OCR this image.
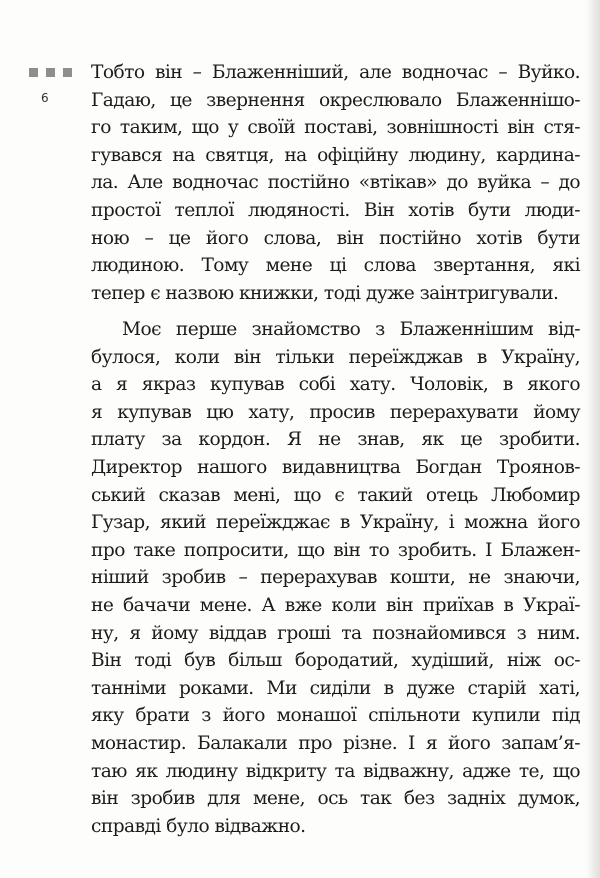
6
Тобто він – Блаженніший, але водночас – Вуйко.
Гадаю, це звернення окреслювало Блаженнішо-
го таким, що у своїй поставі, зовнішності він стя-
гувався на святця, на офіційну людину, кардина-
ла. Але водночас постійно «втікав» до вуйка – до
простої теплої людяності. Він хотів бути люди-
ною – це його слова, він постійно хотів бути
людиною. Тому мене ці слова звертання, які
тепер є назвою книжки, тоді дуже заінтригували.
Моє перше знайомство з Блаженнішим від-
булося, коли він тільки переїжджав в Україну,
а я якраз купував собі хату. Чоловік, в якого
я купував цю хату, просив перерахувати йому
плату за кордон. Я не знав, як це зробити.
Директор нашого видавництва Богдан Троянов-
ський сказав мені, що є такий отець Любомир
Гузар, який переїжджає в Україну, і можна його
про таке попросити, що він то зробить. І Блажен-
ніший зробив – перерахував кошти, не знаючи,
не бачачи мене. А вже коли він приїхав в Украї-
ну, я йому віддав гроші та познайомився з ним.
Він тоді був більш бородатий, худіший, ніж ос-
танніми роками. Ми сиділи в дуже старій хаті,
яку брати з його монашої спільноти купили під
монастир. Балакали про різне. І я його запам’я-
таю як людину відкриту та відважну, адже те, що
він зробив для мене, ось так без задніх думок,
справді було відважно.
